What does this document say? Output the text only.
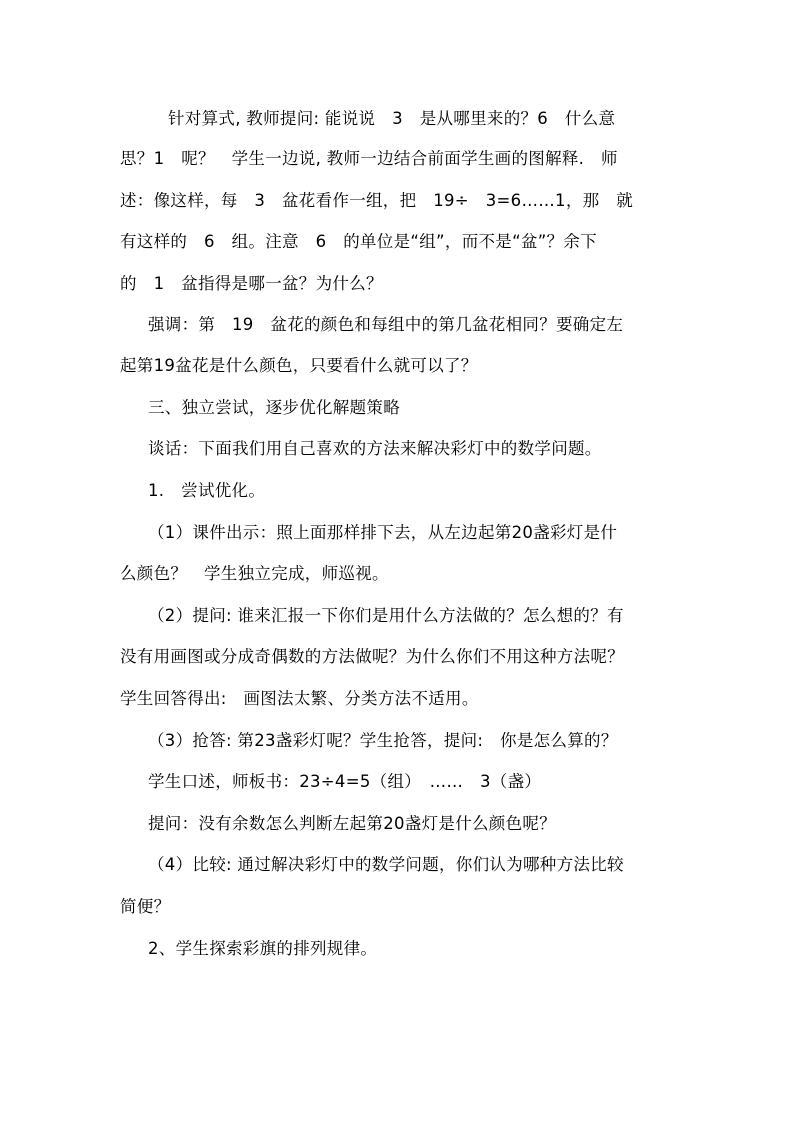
针对算式, 教师提问: 能说说　3　是从哪里来的？6　什么意
思？1　呢？　学生一边说, 教师一边结合前面学生画的图解释.　师
述：像这样，每　3　盆花看作一组，把　19÷　3=6……1，那　就
有这样的　6　组。注意　6　的单位是“组”，而不是“盆”？余下
的　1　盆指得是哪一盆？为什么？
强调：第　19　盆花的颜色和每组中的第几盆花相同？要确定左
起第19盆花是什么颜色，只要看什么就可以了？
三、独立尝试，逐步优化解题策略
谈话：下面我们用自己喜欢的方法来解决彩灯中的数学问题。
1.　尝试优化。
（1）课件出示：照上面那样排下去，从左边起第20盏彩灯是什
么颜色？　学生独立完成，师巡视。
（2）提问: 谁来汇报一下你们是用什么方法做的？怎么想的？有
没有用画图或分成奇偶数的方法做呢？为什么你们不用这种方法呢？
学生回答得出:　画图法太繁、分类方法不适用。
（3）抢答: 第23盏彩灯呢？学生抢答，提问:　你是怎么算的？
学生口述，师板书：23÷4=5（组）　……　3（盏）
提问：没有余数怎么判断左起第20盏灯是什么颜色呢？
（4）比较: 通过解决彩灯中的数学问题，你们认为哪种方法比较
简便？
2、学生探索彩旗的排列规律。
